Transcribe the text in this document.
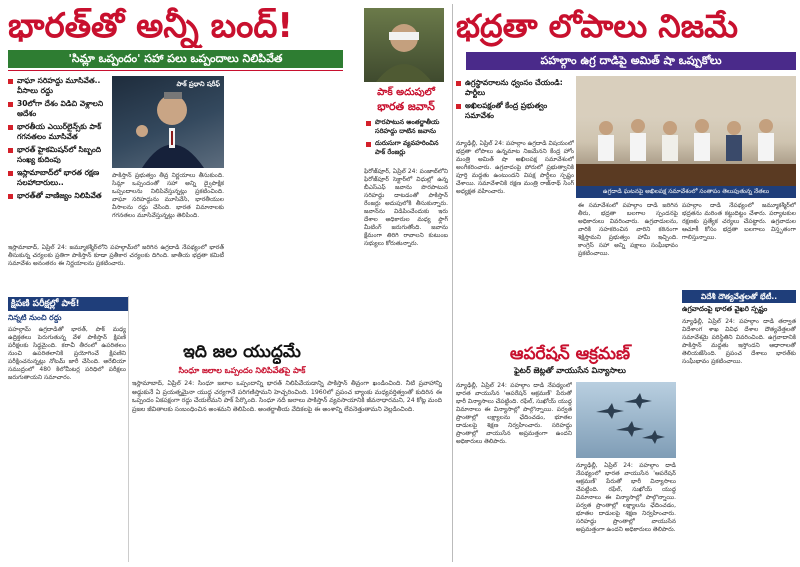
భారత్‌తో అన్నీ బంద్!
'సిమ్లా ఒప్పందం' సహా పలు ఒప్పందాలు నిలిపివేత
వాఘా సరిహద్దు మూసివేత.. వీసాలు రద్దు
30లోగా దేశం విడిచి వెళ్లాలని ఆదేశం
భారతీయ ఎయిర్‌లైన్స్‌కు పాక్ గగనతలం మూసివేత
భారత్ హైకమిషన్‌లో సిబ్బంది సంఖ్య కుదింపు
ఇస్లామాబాద్‌లో భారత రక్షణ సలహాదారులు..
భారత్‌తో వాణిజ్యం నిలిపివేత
పాక్ ప్రధాని షరీఫ్
పాకిస్తాన్ ప్రభుత్వం తీవ్ర నిర్ణయాలు తీసుకుంది. సిమ్లా ఒప్పందంతో సహా అన్ని ద్వైపాక్షిక ఒప్పందాలను నిలిపివేస్తున్నట్లు ప్రకటించింది. వాఘా సరిహద్దును మూసివేసి, భారతీయుల వీసాలను రద్దు చేసింది. భారత విమానాలకు గగనతలం మూసివేస్తున్నట్లు తెలిపింది.
ఇస్లామాబాద్, ఏప్రిల్ 24: జమ్మూకశ్మీర్‌లోని పహల్గామ్‌లో జరిగిన ఉగ్రదాడి నేపథ్యంలో భారత్ తీసుకున్న చర్యలకు ప్రతిగా పాకిస్తాన్ కూడా ప్రతీకార చర్యలకు దిగింది. జాతీయ భద్రతా కమిటీ సమావేశం అనంతరం ఈ నిర్ణయాలను ప్రకటించారు.
క్షిపణి పరీక్షల్లో పాక్!
నిన్నటి నుంచి రద్దు
పహల్గామ్ ఉగ్రదాడితో భారత్, పాక్ మధ్య ఉద్రిక్తతలు పెరుగుతున్న వేళ పాకిస్తాన్ క్షిపణి పరీక్షలకు సిద్ధమైంది. కరాచీ తీరంలో ఉపరితలం నుంచి ఉపరితలానికి ప్రయోగించే క్షిపణిని పరీక్షించనున్నట్లు నోటమ్ జారీ చేసింది. అరేబియా సముద్రంలో 480 కిలోమీటర్ల పరిధిలో పరీక్షలు జరుగుతాయని సమాచారం.
పాక్ అదుపులో
భారత జవాన్
పొరపాటున అంతర్జాతీయ సరిహద్దు దాటిన జవాను
దురుసుగా వ్యవహరించిన పాక్ రేంజర్లు
ఫిరోజ్‌పూర్, ఏప్రిల్ 24: పంజాబ్‌లోని ఫిరోజ్‌పూర్ సెక్టార్‌లో విధుల్లో ఉన్న బీఎస్‌ఎఫ్ జవాను పొరపాటున సరిహద్దు దాటడంతో పాకిస్తాన్ రేంజర్లు అదుపులోకి తీసుకున్నారు. జవాన్‌ను విడిపించేందుకు ఇరు దేశాల అధికారుల మధ్య ఫ్లాగ్ మీటింగ్ జరుగుతోంది. జవాను క్షేమంగా తిరిగి రావాలని కుటుంబ సభ్యులు కోరుతున్నారు.
ఇది జల యుద్ధమే
సింధూ జలాల ఒప్పందం నిలిపివేతపై పాక్
ఇస్లామాబాద్, ఏప్రిల్ 24: సింధూ జలాల ఒప్పందాన్ని భారత్ నిలిపివేయడాన్ని పాకిస్తాన్ తీవ్రంగా ఖండించింది. నీటి ప్రవాహాన్ని అడ్డుకునే ఏ ప్రయత్నమైనా యుద్ధ చర్యగానే పరిగణిస్తామని హెచ్చరించింది. 1960లో ప్రపంచ బ్యాంకు మధ్యవర్తిత్వంతో కుదిరిన ఈ ఒప్పందం ఏకపక్షంగా రద్దు చేయలేమని పాక్ పేర్కొంది. సింధూ నదీ జలాలు పాకిస్తాన్ వ్యవసాయానికి జీవనాధారమని, 24 కోట్ల మంది ప్రజల జీవితాలకు సంబంధించిన అంశమని తెలిపింది. అంతర్జాతీయ వేదికలపై ఈ అంశాన్ని లేవనెత్తుతామని వెల్లడించింది.
భద్రతా లోపాలు నిజమే
పహల్గాం ఉగ్ర దాడిపై అమిత్ షా ఒప్పుకోలు
ఉగ్రస్థావరాలను ధ్వంసం చేయండి: పార్టీలు
అఖిలపక్షంతో కేంద్ర ప్రభుత్వం సమావేశం
ఉగ్రదాడి ఘటనపై అఖిలపక్ష సమావేశంలో సంతాపం తెలుపుతున్న నేతలు
న్యూఢిల్లీ, ఏప్రిల్ 24: పహల్గాం ఉగ్రదాడి విషయంలో భద్రతా లోపాలు ఉన్నమాట నిజమేనని కేంద్ర హోం మంత్రి అమిత్ షా అఖిలపక్ష సమావేశంలో అంగీకరించారు. ఉగ్రవాదంపై పోరులో ప్రభుత్వానికి పూర్తి మద్దతు ఉంటుందని విపక్ష పార్టీలు స్పష్టం చేశాయి. సమావేశానికి రక్షణ మంత్రి రాజ్‌నాథ్ సింగ్ అధ్యక్షత వహించారు.
ఈ సమావేశంలో పహల్గాం దాడి జరిగిన తీరు, భద్రతా బలగాల స్పందనపై అధికారులు వివరించారు. ఉగ్రవాదులను, వారికి సహకరించిన వారిని కఠినంగా శిక్షిస్తామని ప్రభుత్వం హామీ ఇచ్చింది. కాంగ్రెస్ సహా అన్ని పక్షాలు సంఘీభావం ప్రకటించాయి.
పహల్గాం దాడి నేపథ్యంలో జమ్మూకశ్మీర్‌లో భద్రతను మరింత కట్టుదిట్టం చేశారు. పర్యాటకుల రక్షణకు ప్రత్యేక చర్యలు చేపట్టారు. ఉగ్రవాదుల ఆచూకీ కోసం భద్రతా బలగాలు విస్తృతంగా గాలిస్తున్నాయి.
విదేశీ దౌత్యవేత్తలతో భేటీ..
ఉగ్రవాదంపై భారత వైఖరి స్పష్టం
న్యూఢిల్లీ, ఏప్రిల్ 24: పహల్గాం దాడి తర్వాత విదేశాంగ శాఖ వివిధ దేశాల దౌత్యవేత్తలతో సమావేశమై పరిస్థితిని వివరించింది. ఉగ్రవాదానికి పాకిస్తాన్ మద్దతు ఇస్తోందని ఆధారాలతో తెలియజేసింది. ప్రపంచ దేశాలు భారత్‌కు సంఘీభావం ప్రకటించాయి.
ఆపరేషన్ ఆక్రమణ్
ఫైటర్ జెట్లతో వాయుసేన విన్యాసాలు
న్యూఢిల్లీ, ఏప్రిల్ 24: పహల్గాం దాడి నేపథ్యంలో భారత వాయుసేన 'ఆపరేషన్ ఆక్రమణ్' పేరుతో భారీ విన్యాసాలు చేపట్టింది. రఫేల్, సుఖోయ్ యుద్ధ విమానాలు ఈ విన్యాసాల్లో పాల్గొన్నాయి. పర్వత ప్రాంతాల్లో లక్ష్యాలను ఛేదించడం, భూతల దాడులపై శిక్షణ నిర్వహించారు. సరిహద్దు ప్రాంతాల్లో వాయుసేన అప్రమత్తంగా ఉందని అధికారులు తెలిపారు.
న్యూఢిల్లీ, ఏప్రిల్ 24: పహల్గాం దాడి నేపథ్యంలో భారత వాయుసేన 'ఆపరేషన్ ఆక్రమణ్' పేరుతో భారీ విన్యాసాలు చేపట్టింది. రఫేల్, సుఖోయ్ యుద్ధ విమానాలు ఈ విన్యాసాల్లో పాల్గొన్నాయి. పర్వత ప్రాంతాల్లో లక్ష్యాలను ఛేదించడం, భూతల దాడులపై శిక్షణ నిర్వహించారు. సరిహద్దు ప్రాంతాల్లో వాయుసేన అప్రమత్తంగా ఉందని అధికారులు తెలిపారు.
